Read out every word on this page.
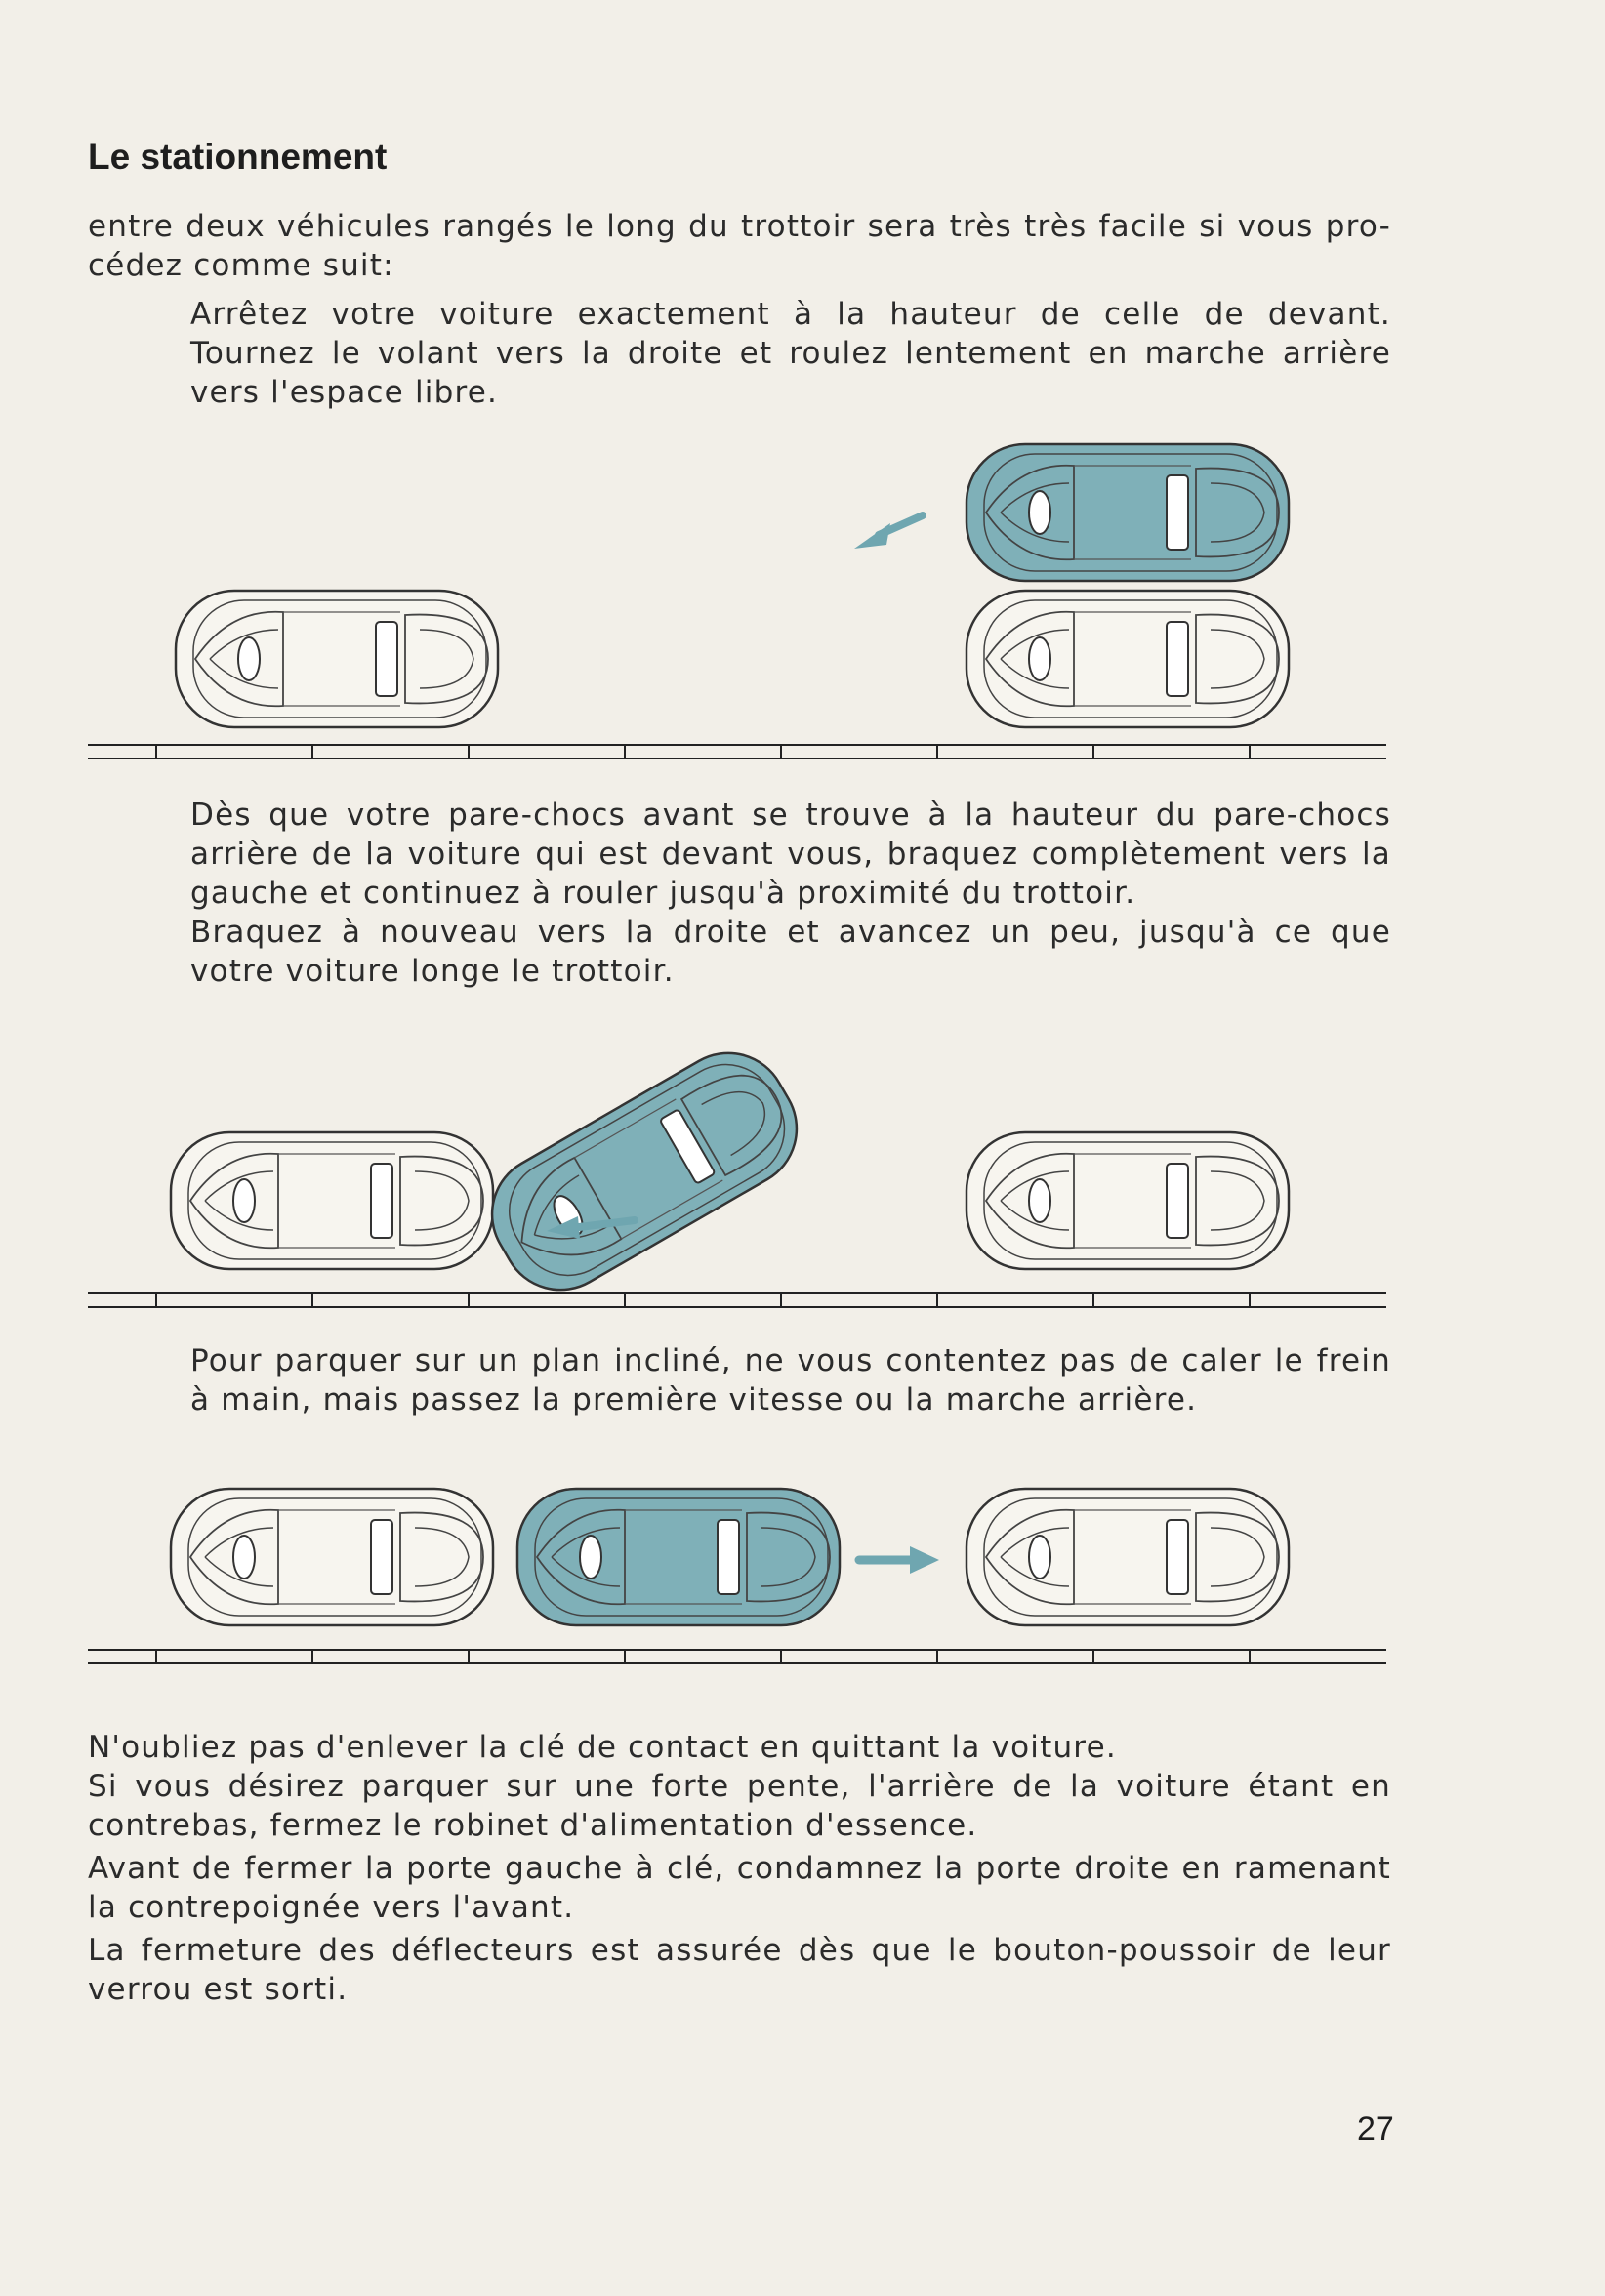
Le stationnement

entre deux véhicules rangés le long du trottoir sera très très facile si vous pro-
cédez comme suit:

Arrêtez votre voiture exactement à la hauteur de celle de devant. Tournez le volant vers la droite et roulez lentement en marche arrière vers l'espace libre.

Dès que votre pare-chocs avant se trouve à la hauteur du pare-chocs arrière de la voiture qui est devant vous, braquez complètement vers la gauche et continuez à rouler jusqu'à proximité du trottoir.
Braquez à nouveau vers la droite et avancez un peu, jusqu'à ce que votre voiture longe le trottoir.

Pour parquer sur un plan incliné, ne vous contentez pas de caler le frein à main, mais passez la première vitesse ou la marche arrière.

N'oubliez pas d'enlever la clé de contact en quittant la voiture.
Si vous désirez parquer sur une forte pente, l'arrière de la voiture étant en contrebas, fermez le robinet d'alimentation d'essence.
Avant de fermer la porte gauche à clé, condamnez la porte droite en ramenant la contrepoignée vers l'avant.
La fermeture des déflecteurs est assurée dès que le bouton-poussoir de leur verrou est sorti.

27
